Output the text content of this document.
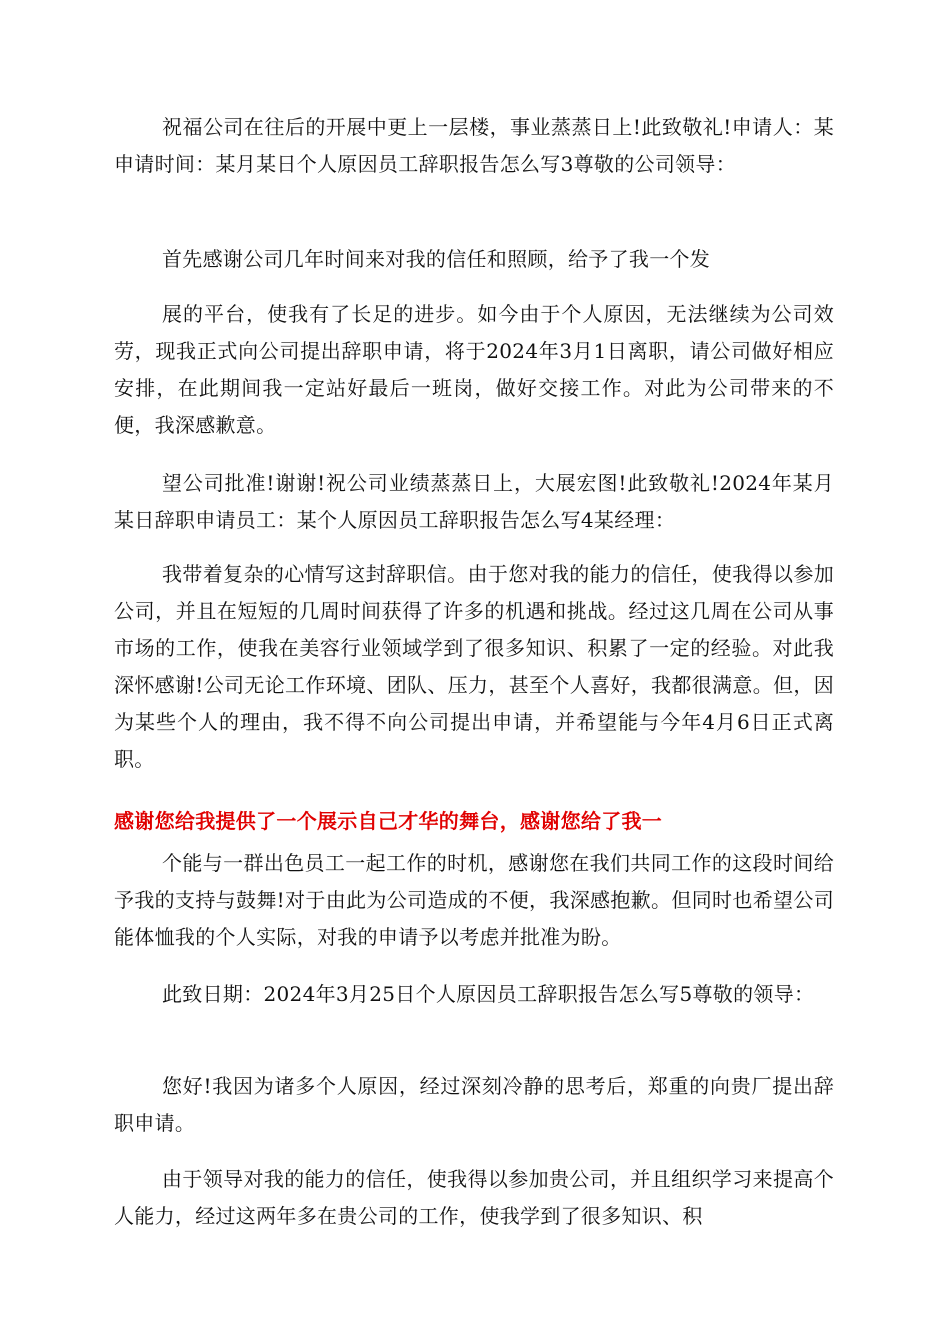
祝福公司在往后的开展中更上一层楼，事业蒸蒸日上!此致敬礼!申请人：某申请时间：某月某日个人原因员工辞职报告怎么写3尊敬的公司领导：

首先感谢公司几年时间来对我的信任和照顾，给予了我一个发

展的平台，使我有了长足的进步。如今由于个人原因，无法继续为公司效劳，现我正式向公司提出辞职申请，将于2024年3月1日离职，请公司做好相应安排，在此期间我一定站好最后一班岗，做好交接工作。对此为公司带来的不便，我深感歉意。

望公司批准!谢谢!祝公司业绩蒸蒸日上，大展宏图!此致敬礼!2024年某月某日辞职申请员工：某个人原因员工辞职报告怎么写4某经理：

我带着复杂的心情写这封辞职信。由于您对我的能力的信任，使我得以参加公司，并且在短短的几周时间获得了许多的机遇和挑战。经过这几周在公司从事市场的工作，使我在美容行业领域学到了很多知识、积累了一定的经验。对此我深怀感谢!公司无论工作环境、团队、压力，甚至个人喜好，我都很满意。但，因为某些个人的理由，我不得不向公司提出申请，并希望能与今年4月6日正式离职。

感谢您给我提供了一个展示自己才华的舞台，感谢您给了我一

个能与一群出色员工一起工作的时机，感谢您在我们共同工作的这段时间给予我的支持与鼓舞!对于由此为公司造成的不便，我深感抱歉。但同时也希望公司能体恤我的个人实际，对我的申请予以考虑并批准为盼。

此致日期：2024年3月25日个人原因员工辞职报告怎么写5尊敬的领导：

您好!我因为诸多个人原因，经过深刻冷静的思考后，郑重的向贵厂提出辞职申请。

由于领导对我的能力的信任，使我得以参加贵公司，并且组织学习来提高个人能力，经过这两年多在贵公司的工作，使我学到了很多知识、积
